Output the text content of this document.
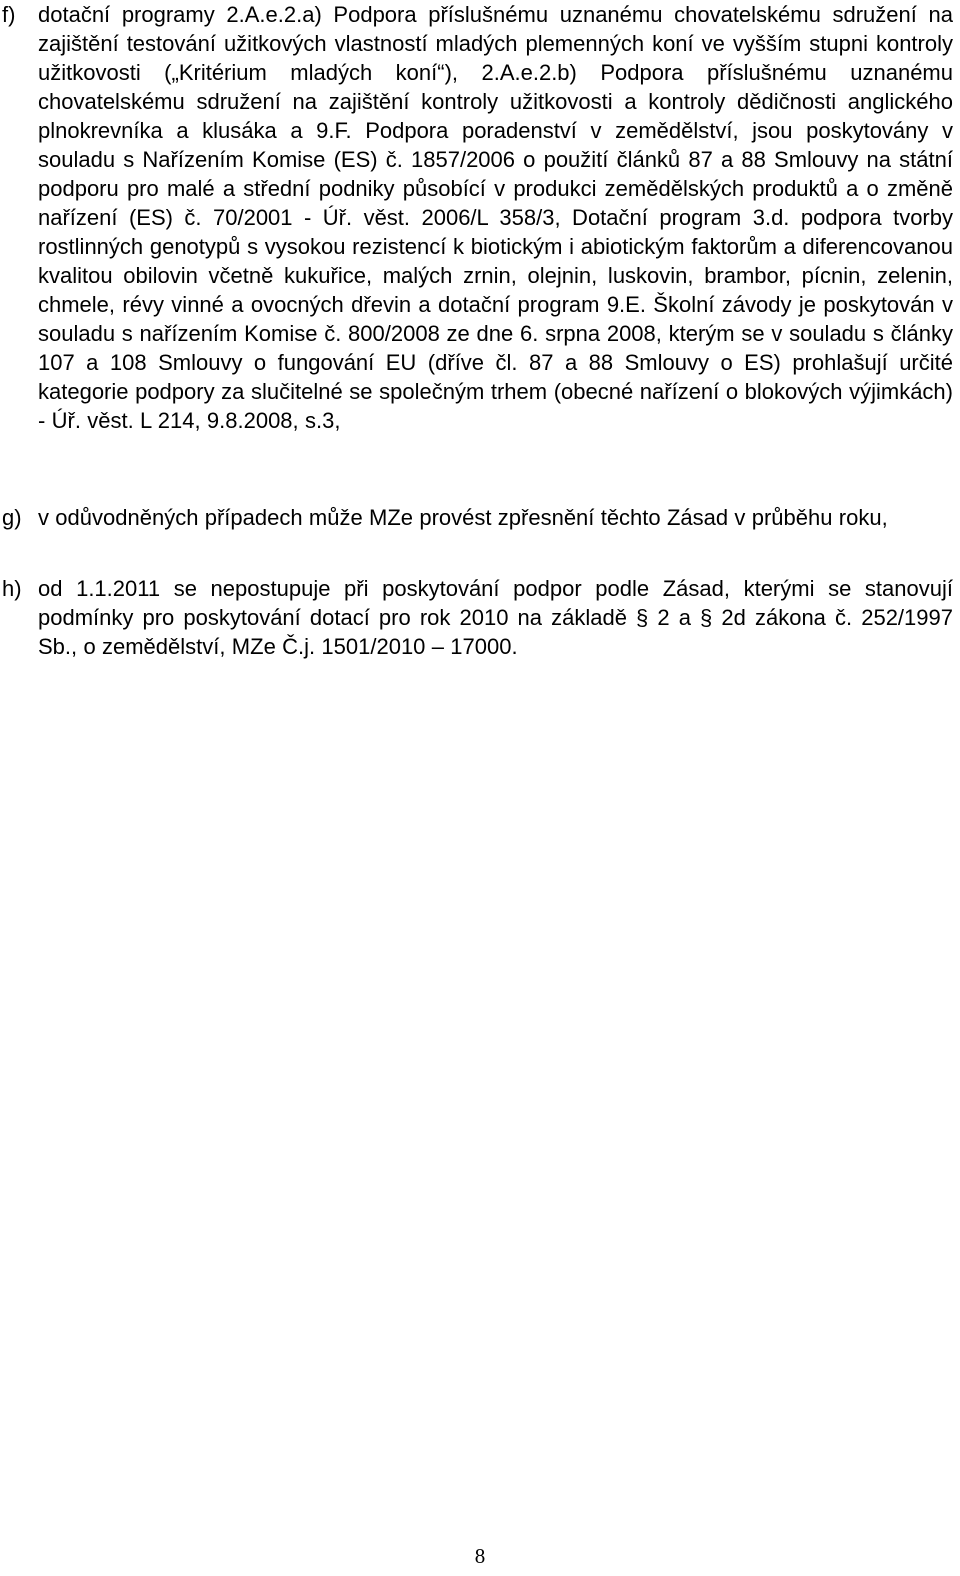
f) dotační programy 2.A.e.2.a) Podpora příslušnému uznanému chovatelskému sdružení na zajištění testování užitkových vlastností mladých plemenných koní ve vyšším stupni kontroly užitkovosti („Kritérium mladých koní“), 2.A.e.2.b) Podpora příslušnému uznanému chovatelskému sdružení na zajištění kontroly užitkovosti a kontroly dědičnosti anglického plnokrevníka a klusáka a 9.F. Podpora poradenství v zemědělství, jsou poskytovány v souladu s Nařízením Komise (ES) č. 1857/2006 o použití článků 87 a 88 Smlouvy na státní podporu pro malé a střední podniky působící v produkci zemědělských produktů a o změně nařízení (ES) č. 70/2001 - Úř. věst. 2006/L 358/3, Dotační program 3.d. podpora tvorby rostlinných genotypů s vysokou rezistencí k biotickým i abiotickým faktorům a diferencovanou kvalitou obilovin včetně kukuřice, malých zrnin, olejnin, luskovin, brambor, pícnin, zelenin, chmele, révy vinné a ovocných dřevin a dotační program 9.E. Školní závody je poskytován v souladu s nařízením Komise č. 800/2008 ze dne 6. srpna 2008, kterým se v souladu s články 107 a 108 Smlouvy o fungování EU (dříve čl. 87 a 88 Smlouvy o ES) prohlašují určité kategorie podpory za slučitelné se společným trhem (obecné nařízení o blokových výjimkách) - Úř. věst. L 214, 9.8.2008, s.3,
g) v odůvodněných případech může MZe provést zpřesnění těchto Zásad v průběhu roku,
h) od 1.1.2011 se nepostupuje při poskytování podpor podle Zásad, kterými se stanovují podmínky pro poskytování dotací pro rok 2010 na základě § 2 a § 2d zákona č. 252/1997 Sb., o zemědělství, MZe Č.j. 1501/2010 – 17000.
8
